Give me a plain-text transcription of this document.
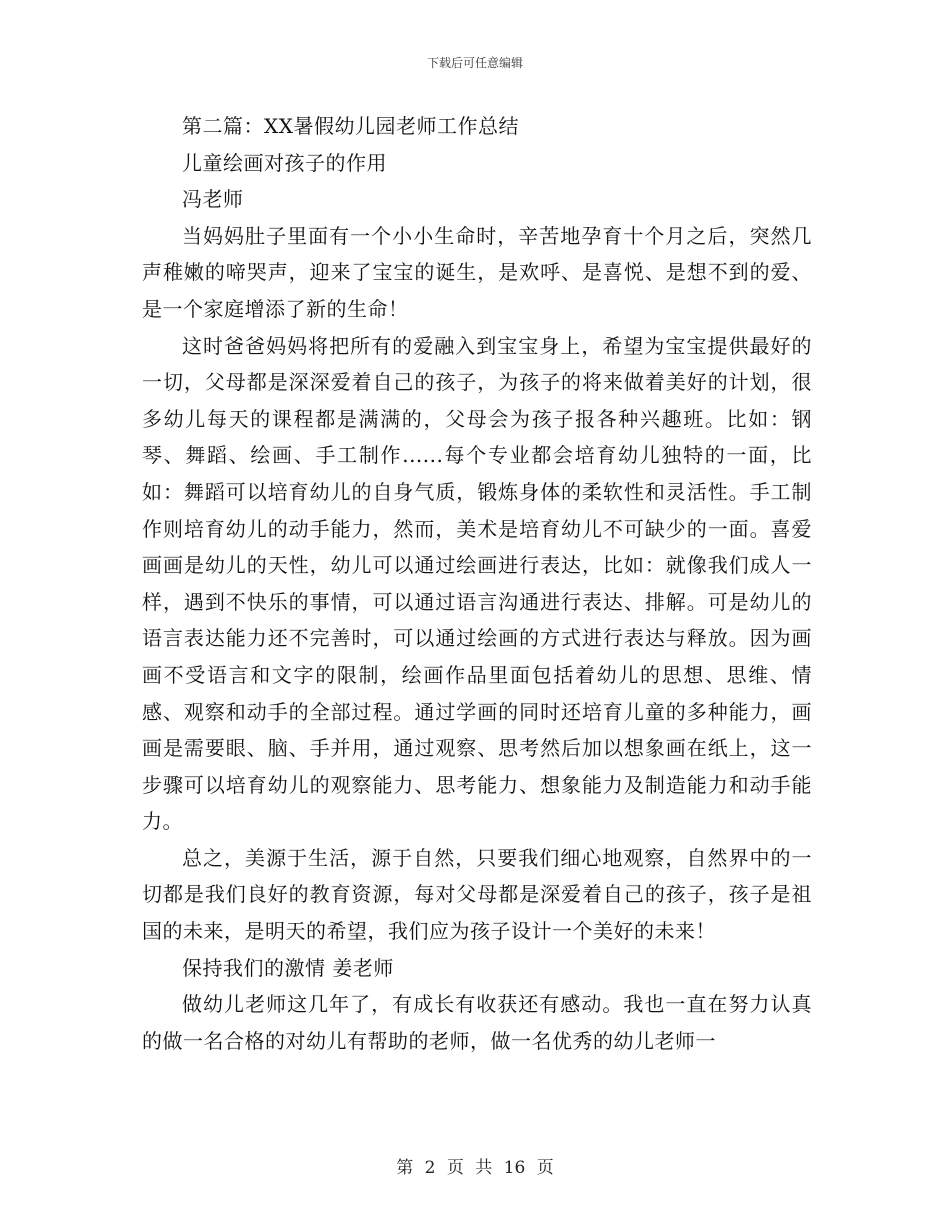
下载后可任意编辑

第二篇：XX暑假幼儿园老师工作总结

儿童绘画对孩子的作用

冯老师

当妈妈肚子里面有一个小小生命时，辛苦地孕育十个月之后，突然几声稚嫩的啼哭声，迎来了宝宝的诞生，是欢呼、是喜悦、是想不到的爱、是一个家庭增添了新的生命！

这时爸爸妈妈将把所有的爱融入到宝宝身上，希望为宝宝提供最好的一切，父母都是深深爱着自己的孩子，为孩子的将来做着美好的计划，很多幼儿每天的课程都是满满的，父母会为孩子报各种兴趣班。比如：钢琴、舞蹈、绘画、手工制作......每个专业都会培育幼儿独特的一面，比如：舞蹈可以培育幼儿的自身气质，锻炼身体的柔软性和灵活性。手工制作则培育幼儿的动手能力，然而，美术是培育幼儿不可缺少的一面。喜爱画画是幼儿的天性，幼儿可以通过绘画进行表达，比如：就像我们成人一样，遇到不快乐的事情，可以通过语言沟通进行表达、排解。可是幼儿的语言表达能力还不完善时，可以通过绘画的方式进行表达与释放。因为画画不受语言和文字的限制，绘画作品里面包括着幼儿的思想、思维、情感、观察和动手的全部过程。通过学画的同时还培育儿童的多种能力，画画是需要眼、脑、手并用，通过观察、思考然后加以想象画在纸上，这一步骤可以培育幼儿的观察能力、思考能力、想象能力及制造能力和动手能力。

总之，美源于生活，源于自然，只要我们细心地观察，自然界中的一切都是我们良好的教育资源，每对父母都是深爱着自己的孩子，孩子是祖国的未来，是明天的希望，我们应为孩子设计一个美好的未来！

保持我们的激情 姜老师

做幼儿老师这几年了，有成长有收获还有感动。我也一直在努力认真的做一名合格的对幼儿有帮助的老师，做一名优秀的幼儿老师一

第 2 页 共 16 页
